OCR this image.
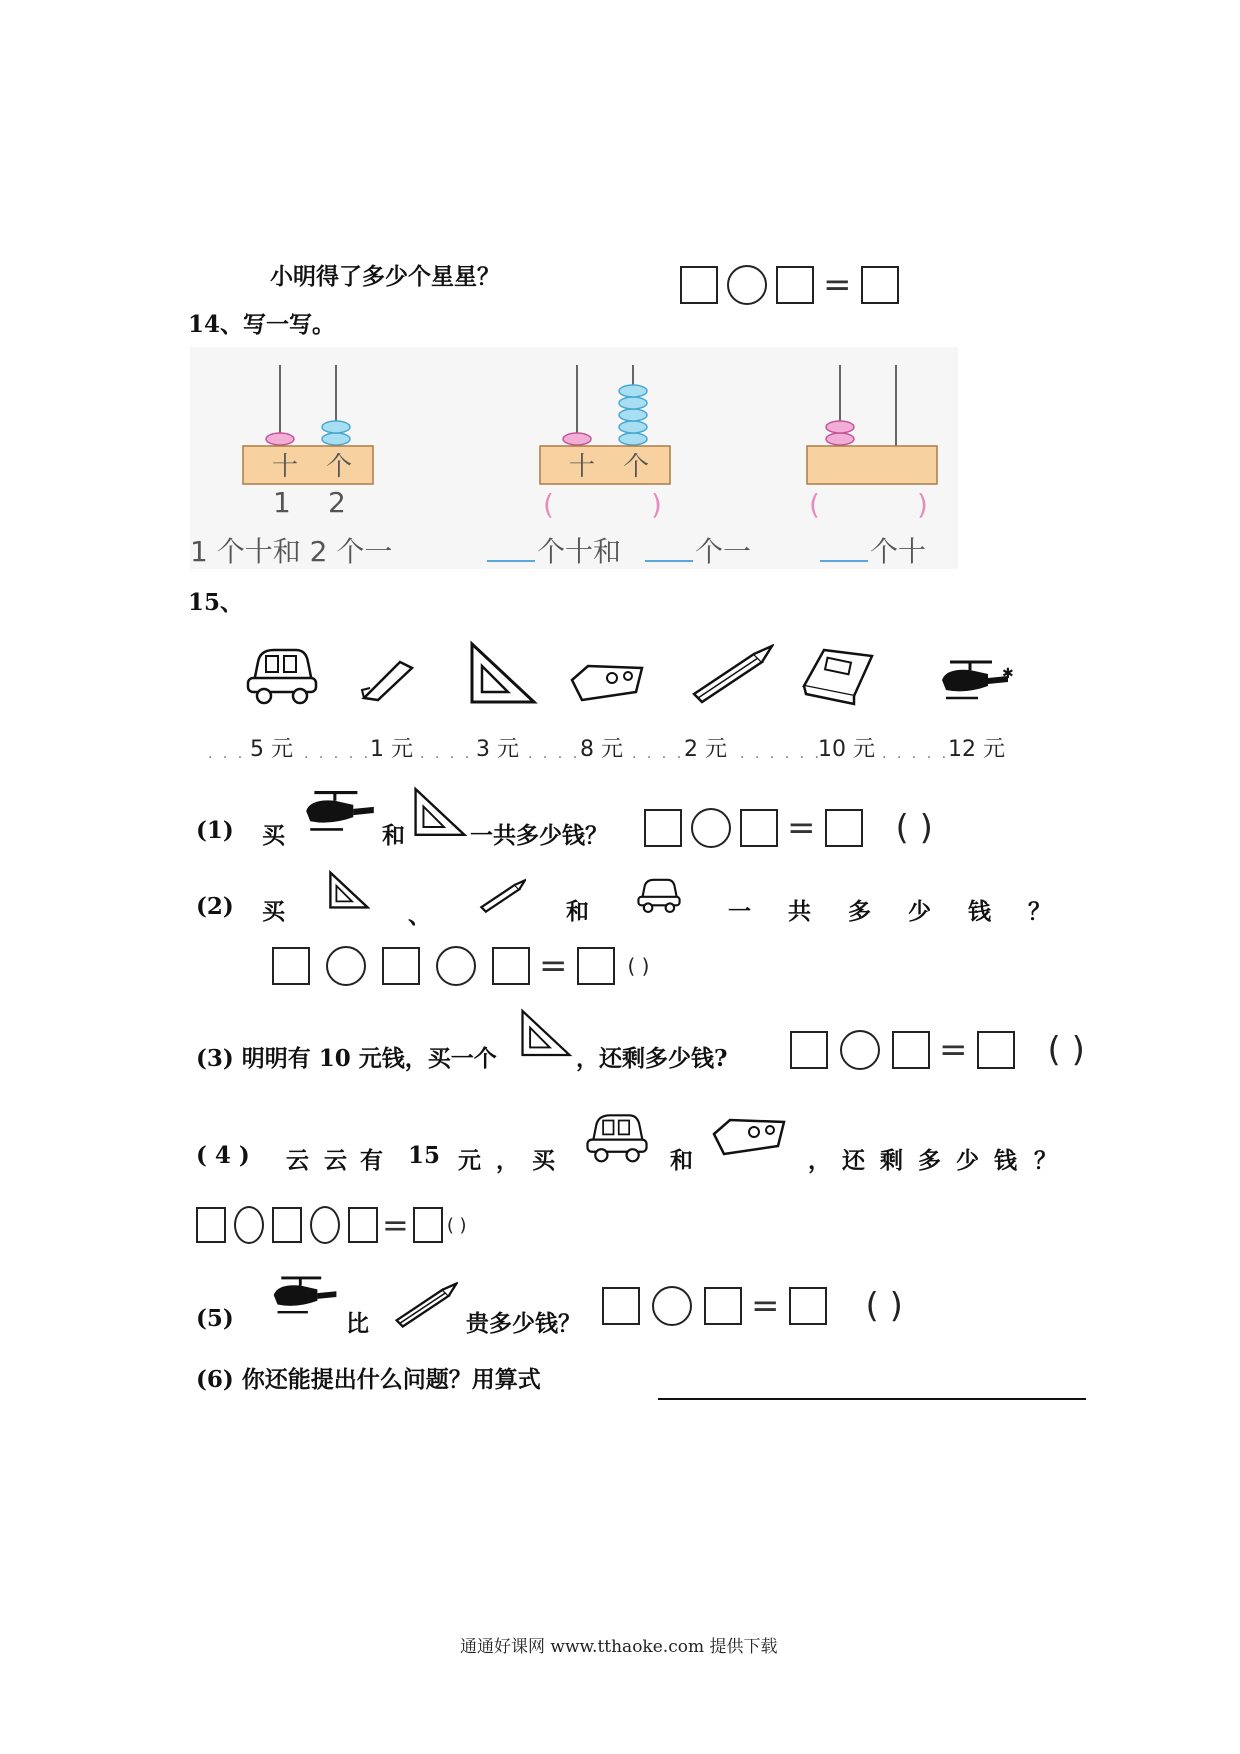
小明得了多少个星星？	=
14、写一写。
十 个	十 个
1 2	(	)	(	)
1 个十和 2 个一	个十和	个一	个十
15、
✱
. . . 5 元 . . . . .
1 元 . . . . 3 元 . . . . 8 元 . . . . 2 元 . . . . . .
10 元 . . . . .
12 元
(1) 买	和	一共多少钱？	= ( )
(2) 买	、	和	一 共 多 少 钱 ？
=	( )
(3) 明明有 10 元钱，买一个	，还剩多少钱?	= ( )
( 4 ) 云 云 有 15 元 ， 买	和	， 还 剩 多 少 钱 ？
= ( )
(5)	比	贵多少钱？	=	( )
(6) 你还能提出什么问题？用算式
通通好课网 www.tthaoke.com 提供下载
